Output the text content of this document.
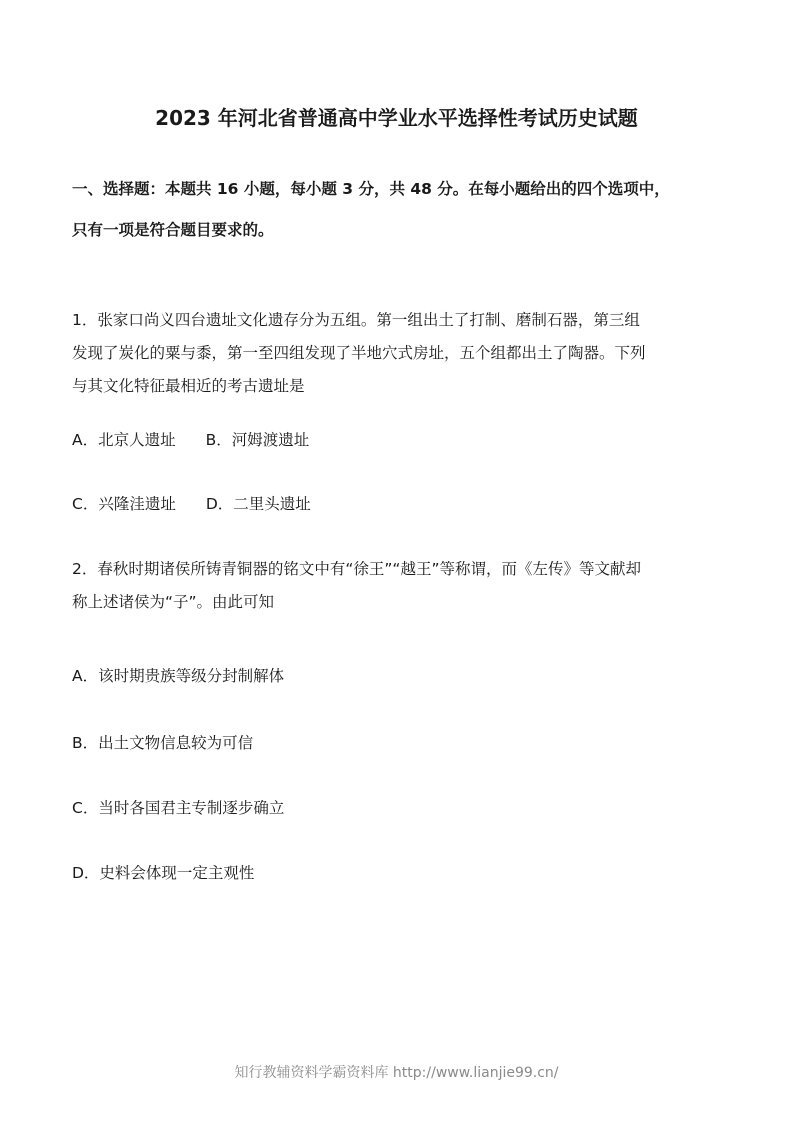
2023 年河北省普通高中学业水平选择性考试历史试题
一、选择题：本题共 16 小题，每小题 3 分，共 48 分。在每小题给出的四个选项中，
只有一项是符合题目要求的。
1．张家口尚义四台遗址文化遗存分为五组。第一组出土了打制、磨制石器，第三组
发现了炭化的粟与黍，第一至四组发现了半地穴式房址，五个组都出土了陶器。下列
与其文化特征最相近的考古遗址是
A．北京人遗址 B．河姆渡遗址
C．兴隆洼遗址 D．二里头遗址
2．春秋时期诸侯所铸青铜器的铭文中有“徐王”“越王”等称谓，而《左传》等文献却
称上述诸侯为“子”。由此可知
A．该时期贵族等级分封制解体
B．出土文物信息较为可信
C．当时各国君主专制逐步确立
D．史料会体现一定主观性
知行教辅资料学霸资料库 http://www.lianjie99.cn/
